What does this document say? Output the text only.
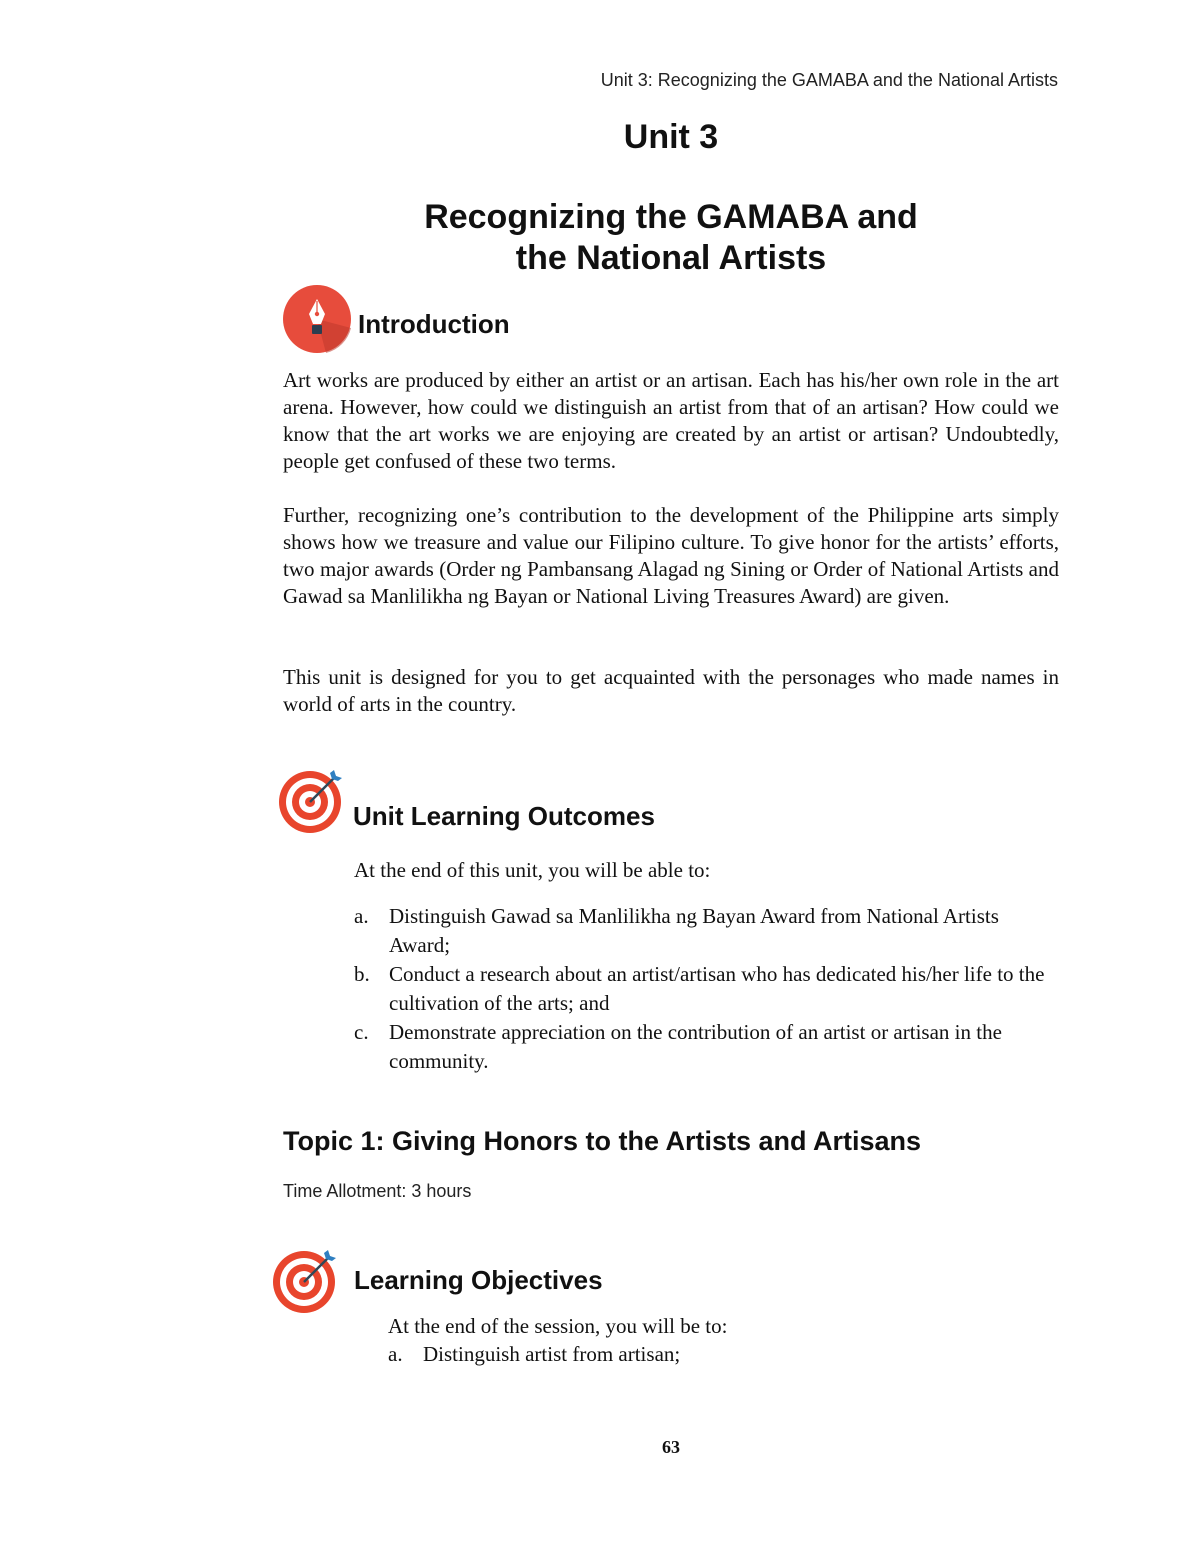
Unit 3: Recognizing the GAMABA and the National Artists
Unit 3
Recognizing the GAMABA and
the National Artists
Introduction
Art works are produced by either an artist or an artisan. Each has his/her own role in the art arena. However, how could we distinguish an artist from that of an artisan? How could we know that the art works we are enjoying are created by an artist or artisan? Undoubtedly, people get confused of these two terms.
Further, recognizing one’s contribution to the development of the Philippine arts simply shows how we treasure and value our Filipino culture. To give honor for the artists’ efforts, two major awards (Order ng Pambansang Alagad ng Sining or Order of National Artists and Gawad sa Manlilikha ng Bayan or National Living Treasures Award) are given.
This unit is designed for you to get acquainted with the personages who made names in world of arts in the country.
Unit Learning Outcomes
At the end of this unit, you will be able to:
a. Distinguish Gawad sa Manlilikha ng Bayan Award from National Artists Award;
b. Conduct a research about an artist/artisan who has dedicated his/her life to the cultivation of the arts; and
c. Demonstrate appreciation on the contribution of an artist or artisan in the community.
Topic 1: Giving Honors to the Artists and Artisans
Time Allotment: 3 hours
Learning Objectives
At the end of the session, you will be to:
a. Distinguish artist from artisan;
63
